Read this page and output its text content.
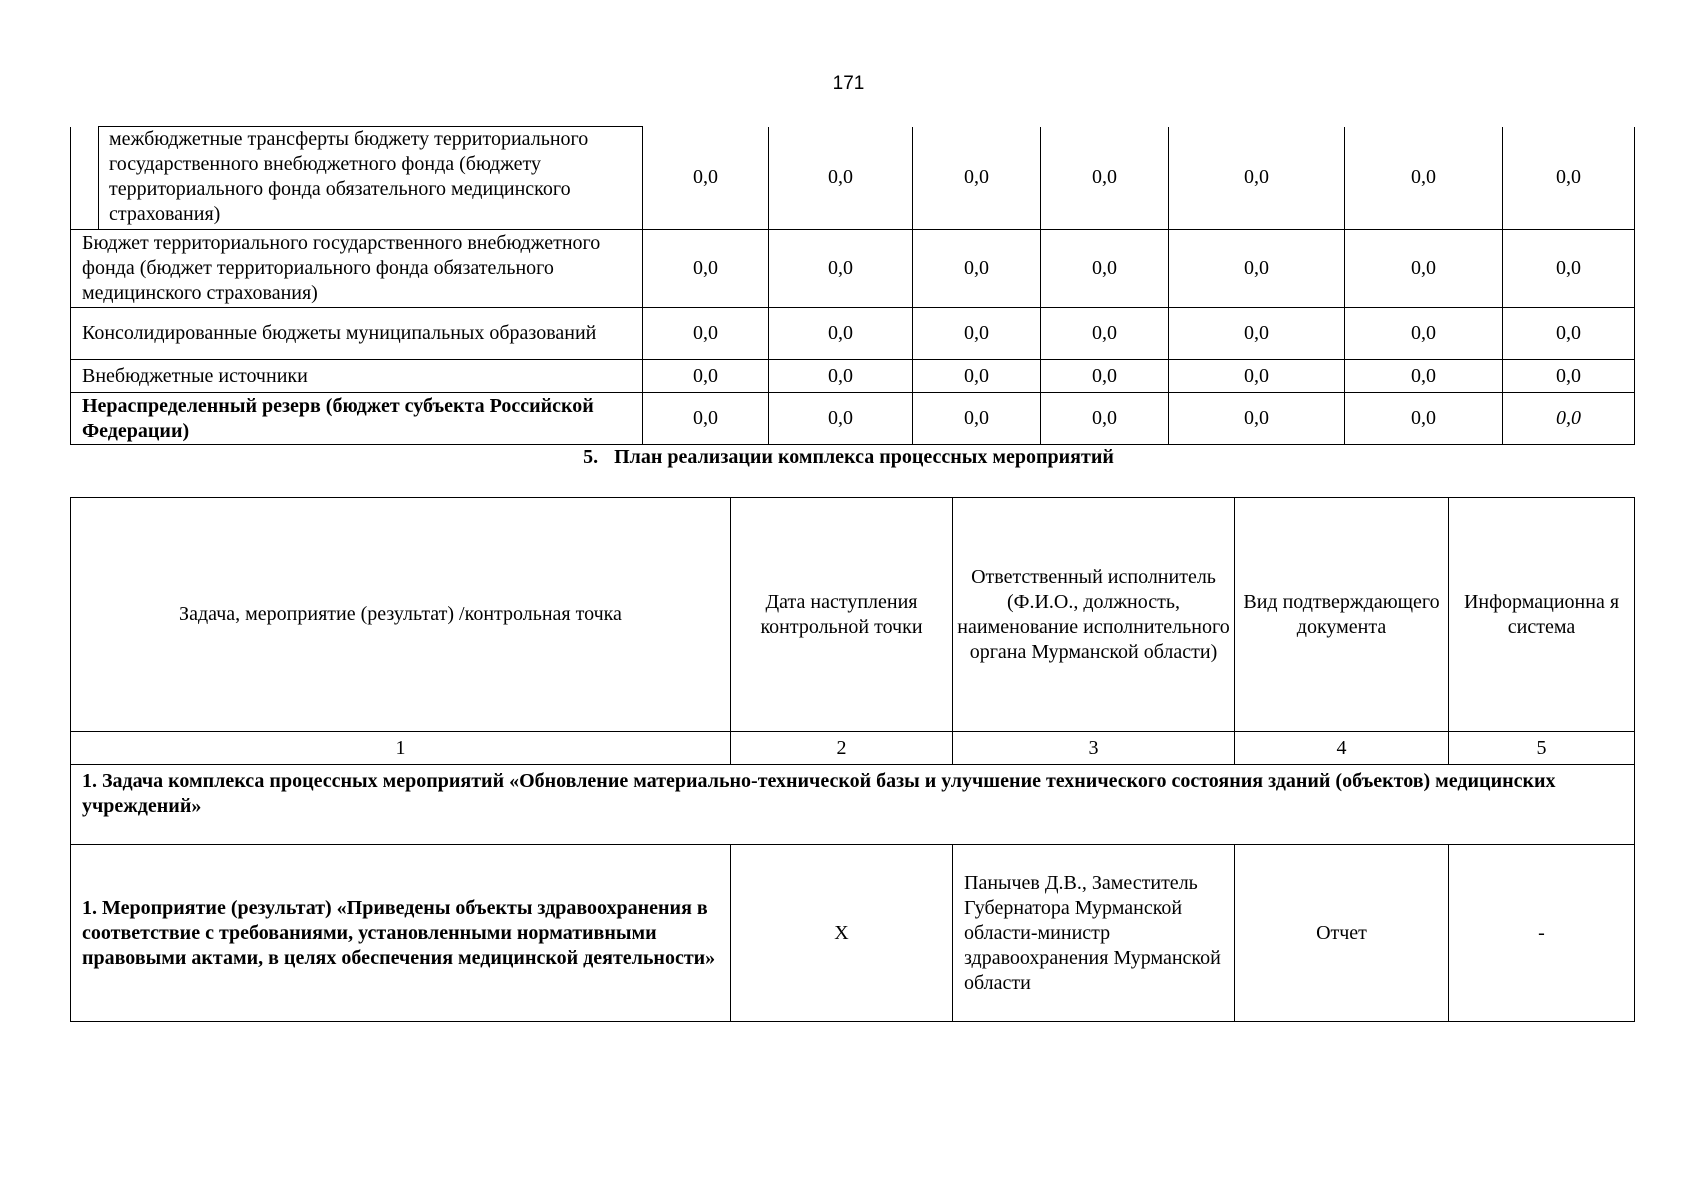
171
	межбюджетные трансферты бюджету территориального государственного внебюджетного фонда (бюджету территориального фонда обязательного медицинского страхования)	0,0	0,0	0,0	0,0	0,0	0,0	0,0
Бюджет территориального государственного внебюджетного фонда (бюджет территориального фонда обязательного медицинского страхования)		0,0	0,0	0,0	0,0	0,0	0,0	0,0
Консолидированные бюджеты муниципальных образований		0,0	0,0	0,0	0,0	0,0	0,0	0,0
Внебюджетные источники		0,0	0,0	0,0	0,0	0,0	0,0	0,0
Нераспределенный резерв (бюджет субъекта Российской Федерации)		0,0	0,0	0,0	0,0	0,0	0,0	0,0
5. План реализации комплекса процессных мероприятий
Задача, мероприятие (результат) /контрольная точка	Дата наступления контрольной точки	Ответственный исполнитель (Ф.И.О., должность, наименование исполнительного органа Мурманской области)	Вид подтверждающего документа	Информационна я система
1	2	3	4	5
1. Задача комплекса процессных мероприятий «Обновление материально-технической базы и улучшение технического состояния зданий (объектов) медицинских учреждений»				
1. Мероприятие (результат) «Приведены объекты здравоохранения в соответствие с требованиями, установленными нормативными правовыми актами, в целях обеспечения медицинской деятельности»	X	Панычев Д.В., Заместитель Губернатора Мурманской области-министр здравоохранения Мурманской области	Отчет	-
